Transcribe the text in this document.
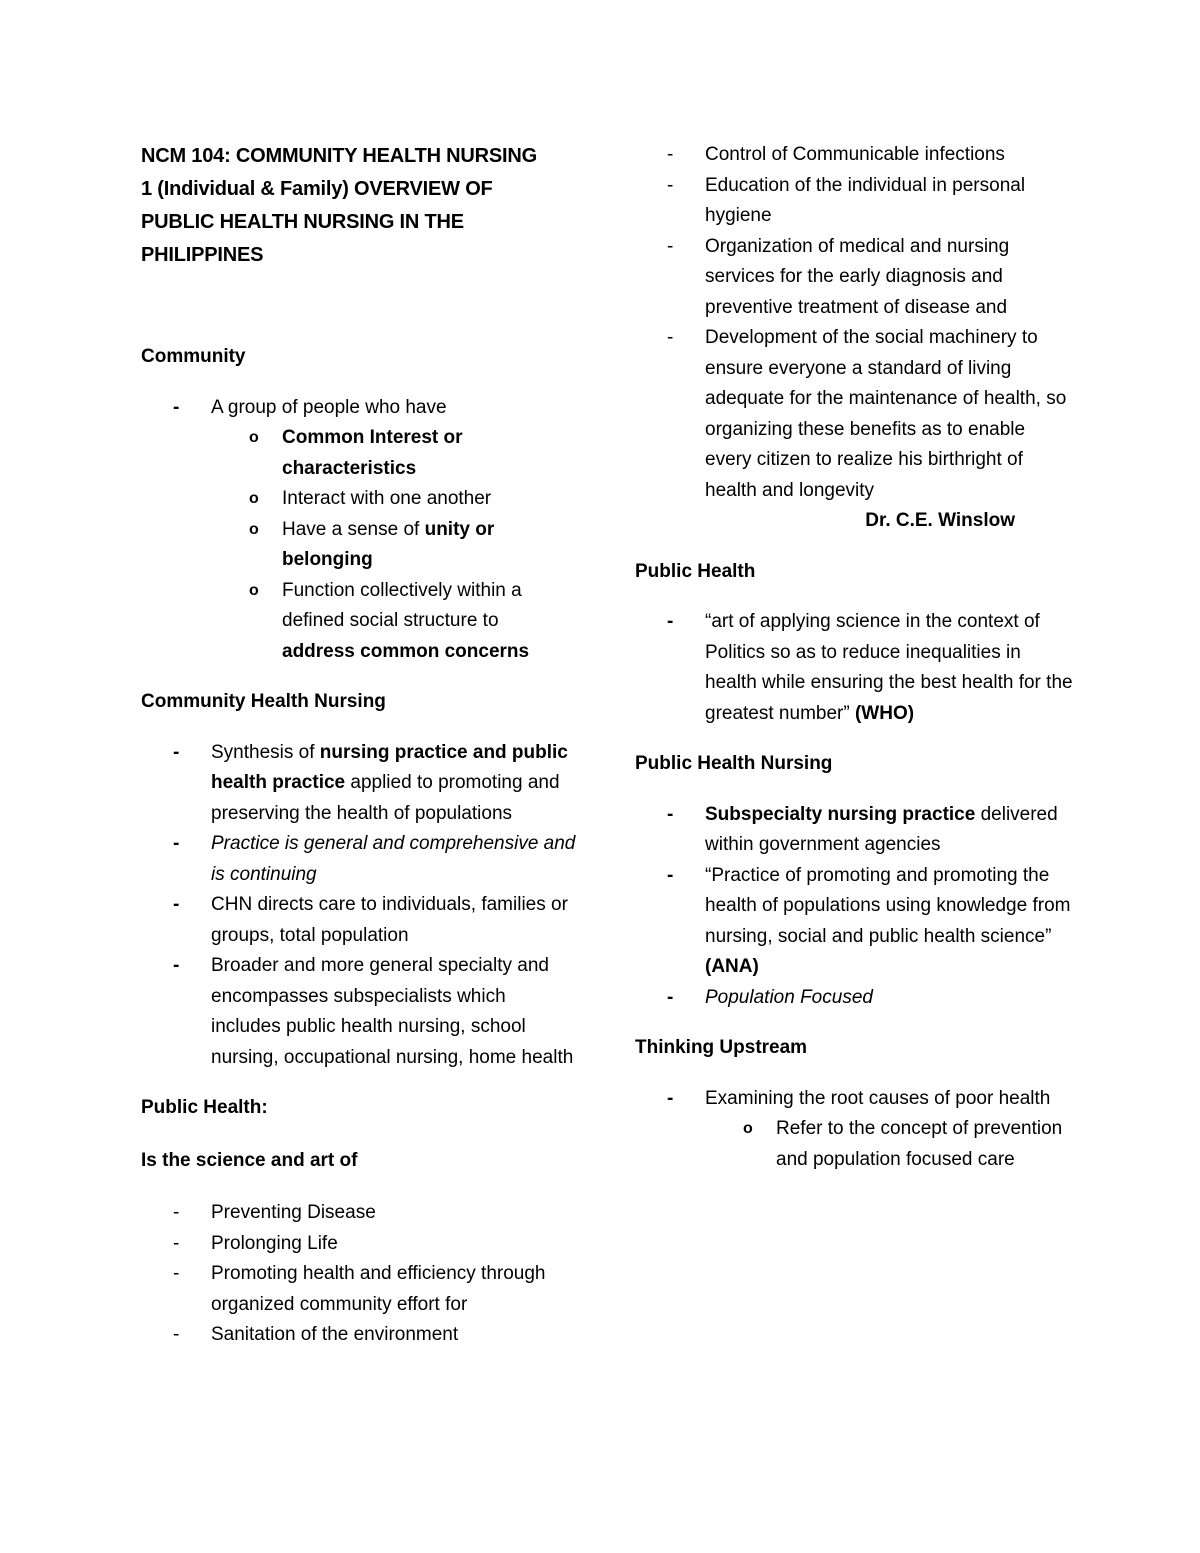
NCM 104: COMMUNITY HEALTH NURSING
1 (Individual & Family) OVERVIEW OF
PUBLIC HEALTH NURSING IN THE
PHILIPPINES

Community

- A group of people who have
o Common Interest or characteristics
o Interact with one another
o Have a sense of unity or belonging
o Function collectively within a defined social structure to address common concerns

Community Health Nursing

- Synthesis of nursing practice and public health practice applied to promoting and preserving the health of populations
- Practice is general and comprehensive and is continuing
- CHN directs care to individuals, families or groups, total population
- Broader and more general specialty and encompasses subspecialists which includes public health nursing, school nursing, occupational nursing, home health

Public Health:

Is the science and art of

- Preventing Disease
- Prolonging Life
- Promoting health and efficiency through organized community effort for
- Sanitation of the environment
- Control of Communicable infections
- Education of the individual in personal hygiene
- Organization of medical and nursing services for the early diagnosis and preventive treatment of disease and
- Development of the social machinery to ensure everyone a standard of living adequate for the maintenance of health, so organizing these benefits as to enable every citizen to realize his birthright of health and longevity
Dr. C.E. Winslow

Public Health

- “art of applying science in the context of Politics so as to reduce inequalities in health while ensuring the best health for the greatest number” (WHO)

Public Health Nursing

- Subspecialty nursing practice delivered within government agencies
- “Practice of promoting and promoting the health of populations using knowledge from nursing, social and public health science” (ANA)
- Population Focused

Thinking Upstream

- Examining the root causes of poor health
o Refer to the concept of prevention and population focused care
